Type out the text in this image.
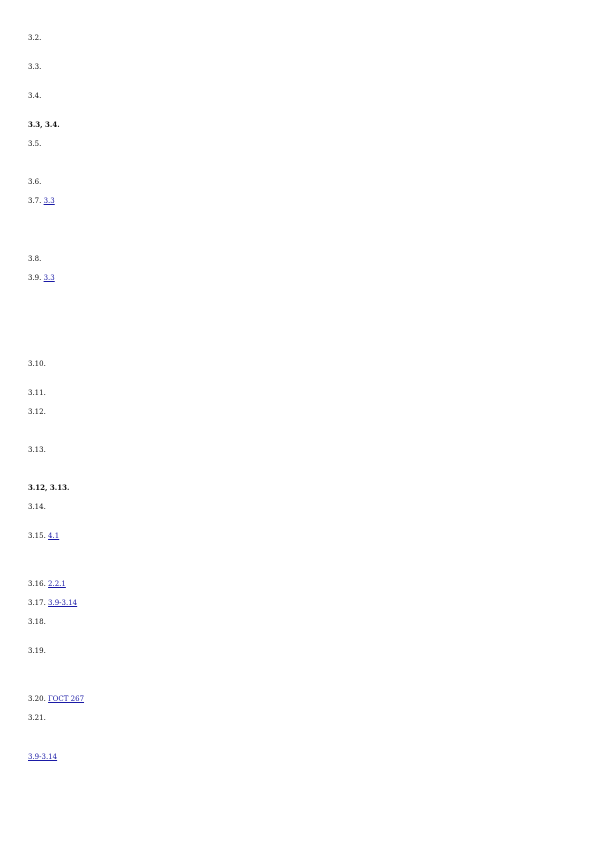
3.2.
3.3.
3.4.
3.3, 3.4.
3.5.
3.6.
3.7. 3.3
3.8.
3.9. 3.3
3.10.
3.11.
3.12.
3.13.
3.12, 3.13.
3.14.
3.15. 4.1
3.16. 2.2.1
3.17. 3.9-3.14
3.18.
3.19.
3.20. ГОСТ 267
3.21.
3.9-3.14
